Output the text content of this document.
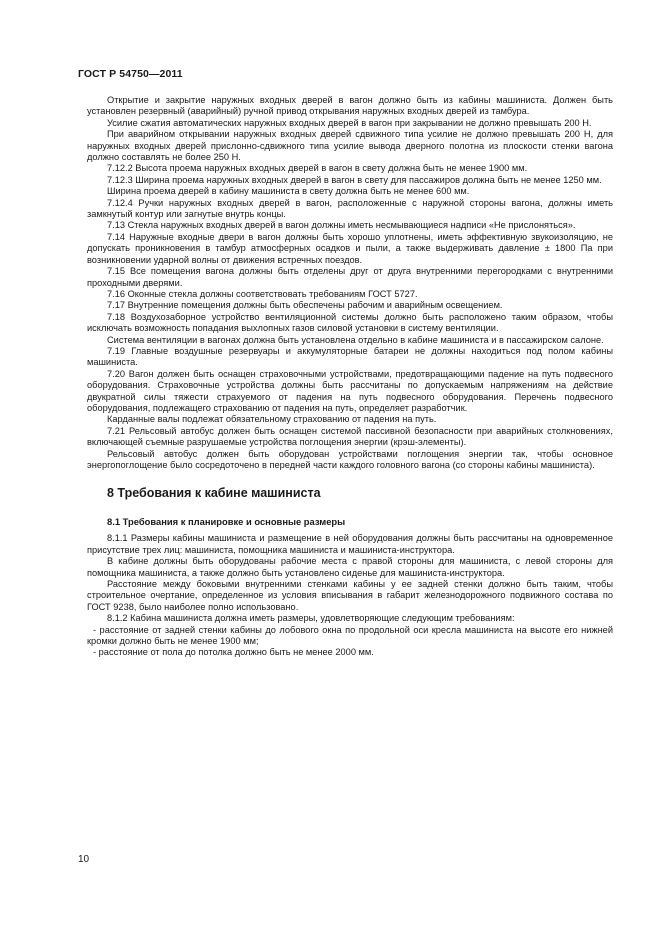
ГОСТ Р 54750—2011

Открытие и закрытие наружных входных дверей в вагон должно быть из кабины машиниста. Должен быть установлен резервный (аварийный) ручной привод открывания наружных входных дверей из тамбура.

Усилие сжатия автоматических наружных входных дверей в вагон при закрывании не должно превышать 200 Н.

При аварийном открывании наружных входных дверей сдвижного типа усилие не должно превышать 200 Н, для наружных входных дверей прислонно-сдвижного типа усилие вывода дверного полотна из плоскости стенки вагона должно составлять не более 250 Н.

7.12.2 Высота проема наружных входных дверей в вагон в свету должна быть не менее 1900 мм.

7.12.3 Ширина проема наружных входных дверей в вагон в свету для пассажиров должна быть не менее 1250 мм.

Ширина проема дверей в кабину машиниста в свету должна быть не менее 600 мм.

7.12.4 Ручки наружных входных дверей в вагон, расположенные с наружной стороны вагона, должны иметь замкнутый контур или загнутые внутрь концы.

7.13 Стекла наружных входных дверей в вагон должны иметь несмывающиеся надписи «Не прислоняться».

7.14 Наружные входные двери в вагон должны быть хорошо уплотнены, иметь эффективную звукоизоляцию, не допускать проникновения в тамбур атмосферных осадков и пыли, а также выдерживать давление ± 1800 Па при возникновении ударной волны от движения встречных поездов.

7.15 Все помещения вагона должны быть отделены друг от друга внутренними перегородками с внутренними проходными дверями.

7.16 Оконные стекла должны соответствовать требованиям ГОСТ 5727.

7.17 Внутренние помещения должны быть обеспечены рабочим и аварийным освещением.

7.18 Воздухозаборное устройство вентиляционной системы должно быть расположено таким образом, чтобы исключать возможность попадания выхлопных газов силовой установки в систему вентиляции.

Система вентиляции в вагонах должна быть установлена отдельно в кабине машиниста и в пассажирском салоне.

7.19 Главные воздушные резервуары и аккумуляторные батареи не должны находиться под полом кабины машиниста.

7.20 Вагон должен быть оснащен страховочными устройствами, предотвращающими падение на путь подвесного оборудования. Страховочные устройства должны быть рассчитаны по допускаемым напряжениям на действие двукратной силы тяжести страхуемого от падения на путь подвесного оборудования. Перечень подвесного оборудования, подлежащего страхованию от падения на путь, определяет разработчик.

Карданные валы подлежат обязательному страхованию от падения на путь.

7.21 Рельсовый автобус должен быть оснащен системой пассивной безопасности при аварийных столкновениях, включающей съемные разрушаемые устройства поглощения энергии (крэш-элементы).

Рельсовый автобус должен быть оборудован устройствами поглощения энергии так, чтобы основное энергопоглощение было сосредоточено в передней части каждого головного вагона (со стороны кабины машиниста).

8 Требования к кабине машиниста
8.1 Требования к планировке и основные размеры

8.1.1 Размеры кабины машиниста и размещение в ней оборудования должны быть рассчитаны на одновременное присутствие трех лиц: машиниста, помощника машиниста и машиниста-инструктора.

В кабине должны быть оборудованы рабочие места с правой стороны для машиниста, с левой стороны для помощника машиниста, а также должно быть установлено сиденье для машиниста-инструктора.

Расстояние между боковыми внутренними стенками кабины у ее задней стенки должно быть таким, чтобы строительное очертание, определенное из условия вписывания в габарит железнодорожного подвижного состава по ГОСТ 9238, было наиболее полно использовано.

8.1.2 Кабина машиниста должна иметь размеры, удовлетворяющие следующим требованиям:

- расстояние от задней стенки кабины до лобового окна по продольной оси кресла машиниста на высоте его нижней кромки должно быть не менее 1900 мм;

- расстояние от пола до потолка должно быть не менее 2000 мм.

10
